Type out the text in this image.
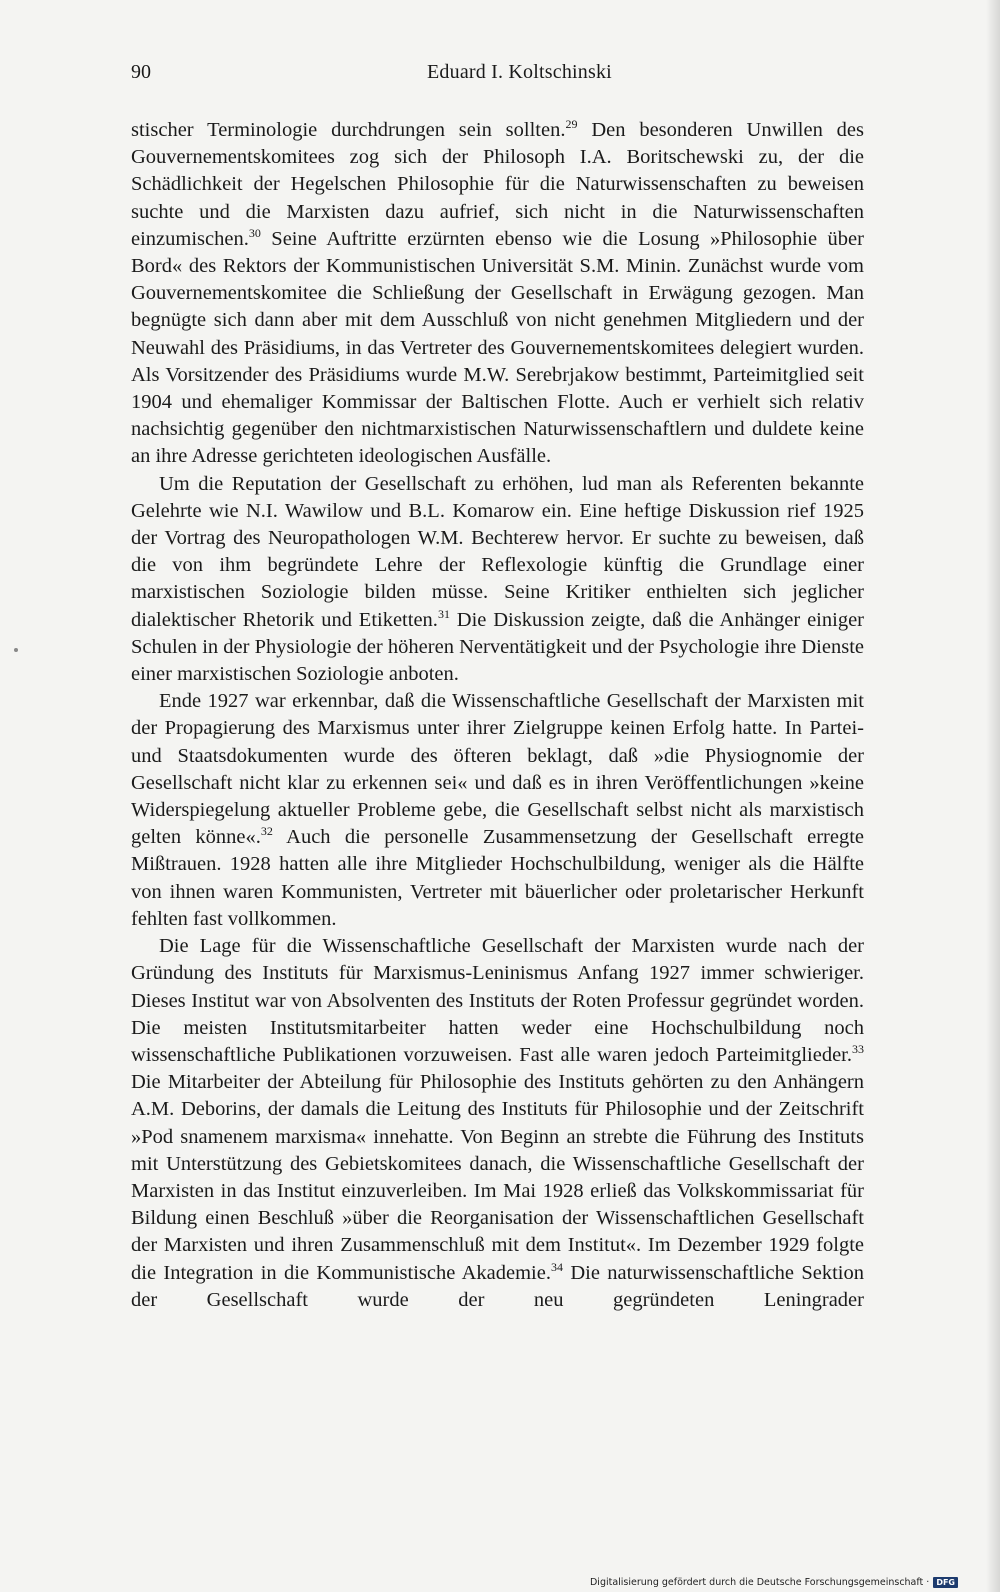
90	Eduard I. Koltschinski

stischer Terminologie durchdrungen sein sollten.$^{29}$ Den besonderen Unwillen des Gouvernementskomitees zog sich der Philosoph I.A. Boritschewski zu, der die Schädlichkeit der Hegelschen Philosophie für die Naturwissenschaften zu beweisen suchte und die Marxisten dazu aufrief, sich nicht in die Naturwissenschaften einzumischen.$^{30}$ Seine Auftritte erzürnten ebenso wie die Losung »Philosophie über Bord« des Rektors der Kommunistischen Universität S.M. Minin. Zunächst wurde vom Gouvernementskomitee die Schließung der Gesellschaft in Erwägung gezogen. Man begnügte sich dann aber mit dem Ausschluß von nicht genehmen Mitgliedern und der Neuwahl des Präsidiums, in das Vertreter des Gouvernementskomitees delegiert wurden. Als Vorsitzender des Präsidiums wurde M.W. Serebrjakow bestimmt, Parteimitglied seit 1904 und ehemaliger Kommissar der Baltischen Flotte. Auch er verhielt sich relativ nachsichtig gegenüber den nichtmarxistischen Naturwissenschaftlern und duldete keine an ihre Adresse gerichteten ideologischen Ausfälle.

Um die Reputation der Gesellschaft zu erhöhen, lud man als Referenten bekannte Gelehrte wie N.I. Wawilow und B.L. Komarow ein. Eine heftige Diskussion rief 1925 der Vortrag des Neuropathologen W.M. Bechterew hervor. Er suchte zu beweisen, daß die von ihm begründete Lehre der Reflexologie künftig die Grundlage einer marxistischen Soziologie bilden müsse. Seine Kritiker enthielten sich jeglicher dialektischer Rhetorik und Etiketten.$^{31}$ Die Diskussion zeigte, daß die Anhänger einiger Schulen in der Physiologie der höheren Nerventätigkeit und der Psychologie ihre Dienste einer marxistischen Soziologie anboten.

Ende 1927 war erkennbar, daß die Wissenschaftliche Gesellschaft der Marxisten mit der Propagierung des Marxismus unter ihrer Zielgruppe keinen Erfolg hatte. In Partei- und Staatsdokumenten wurde des öfteren beklagt, daß »die Physiognomie der Gesellschaft nicht klar zu erkennen sei« und daß es in ihren Veröffentlichungen »keine Widerspiegelung aktueller Probleme gebe, die Gesellschaft selbst nicht als marxistisch gelten könne«.$^{32}$ Auch die personelle Zusammensetzung der Gesellschaft erregte Mißtrauen. 1928 hatten alle ihre Mitglieder Hochschulbildung, weniger als die Hälfte von ihnen waren Kommunisten, Vertreter mit bäuerlicher oder proletarischer Herkunft fehlten fast vollkommen.

Die Lage für die Wissenschaftliche Gesellschaft der Marxisten wurde nach der Gründung des Instituts für Marxismus-Leninismus Anfang 1927 immer schwieriger. Dieses Institut war von Absolventen des Instituts der Roten Professur gegründet worden. Die meisten Institutsmitarbeiter hatten weder eine Hochschulbildung noch wissenschaftliche Publikationen vorzuweisen. Fast alle waren jedoch Parteimitglieder.$^{33}$ Die Mitarbeiter der Abteilung für Philosophie des Instituts gehörten zu den Anhängern A.M. Deborins, der damals die Leitung des Instituts für Philosophie und der Zeitschrift »Pod snamenem marxisma« innehatte. Von Beginn an strebte die Führung des Instituts mit Unterstützung des Gebietskomitees danach, die Wissenschaftliche Gesellschaft der Marxisten in das Institut einzuverleiben. Im Mai 1928 erließ das Volkskommissariat für Bildung einen Beschluß »über die Reorganisation der Wissenschaftlichen Gesellschaft der Marxisten und ihren Zusammenschluß mit dem Institut«. Im Dezember 1929 folgte die Integration in die Kommunistische Akademie.$^{34}$ Die naturwissenschaftliche Sektion der Gesellschaft wurde der neu gegründeten Leningrader

Digitalisierung gefördert durch die Deutsche Forschungsgemeinschaft · DFG
